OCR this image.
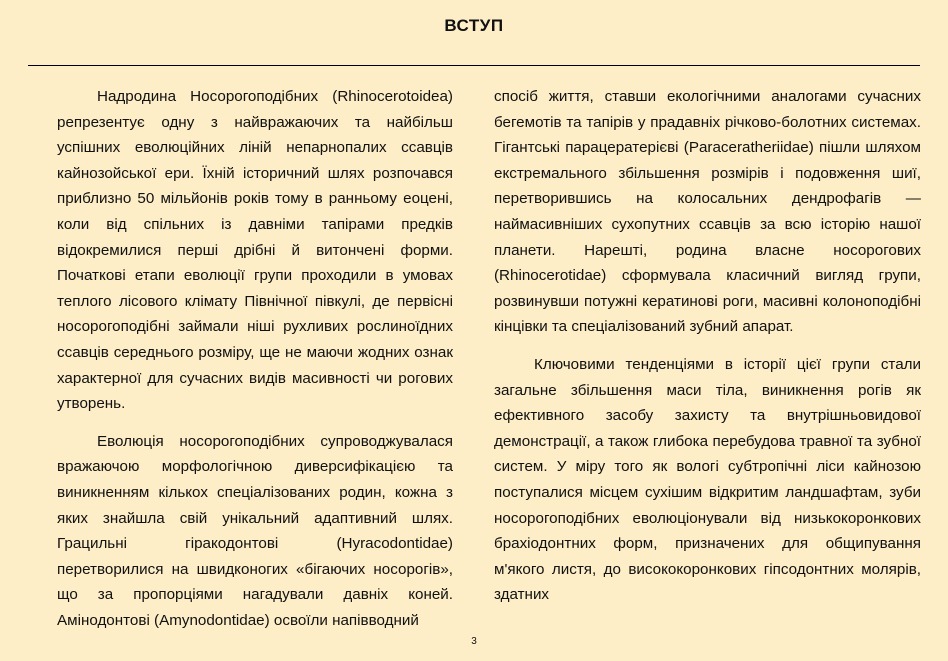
ВСТУП

Надродина Носорогоподібних (Rhinocerotoidea) репрезентує одну з найвражаючих та найбільш успішних еволюційних ліній непарнопалих ссавців кайнозойської ери. Їхній історичний шлях розпочався приблизно 50 мільйонів років тому в ранньому еоцені, коли від спільних із давніми тапірами предків відокремилися перші дрібні й витончені форми. Початкові етапи еволюції групи проходили в умовах теплого лісового клімату Північної півкулі, де первісні носорогоподібні займали ніші рухливих рослиноїдних ссавців середнього розміру, ще не маючи жодних ознак характерної для сучасних видів масивності чи рогових утворень.

Еволюція носорогоподібних супроводжувалася вражаючою морфологічною диверсифікацією та виникненням кількох спеціалізованих родин, кожна з яких знайшла свій унікальний адаптивний шлях. Грацильні гіракодонтові (Hyracodontidae) перетворилися на швидконогих «бігаючих носорогів», що за пропорціями нагадували давніх коней. Амінодонтові (Amynodontidae) освоїли напівводний

спосіб життя, ставши екологічними аналогами сучасних бегемотів та тапірів у прадавніх річково-болотних системах. Гігантські парацератерієві (Paraceratheriidae) пішли шляхом екстремального збільшення розмірів і подовження шиї, перетворившись на колосальних дендрофагів — наймасивніших сухопутних ссавців за всю історію нашої планети. Нарешті, родина власне носорогових (Rhinocerotidae) сформувала класичний вигляд групи, розвинувши потужні кератинові роги, масивні колоноподібні кінцівки та спеціалізований зубний апарат.

Ключовими тенденціями в історії цієї групи стали загальне збільшення маси тіла, виникнення рогів як ефективного засобу захисту та внутрішньовидової демонстрації, а також глибока перебудова травної та зубної систем. У міру того як вологі субтропічні ліси кайнозою поступалися місцем сухішим відкритим ландшафтам, зуби носорогоподібних еволюціонували від низькокоронкових брахіодонтних форм, призначених для общипування м'якого листя, до висококоронкових гіпсодонтних молярів, здатних

3
